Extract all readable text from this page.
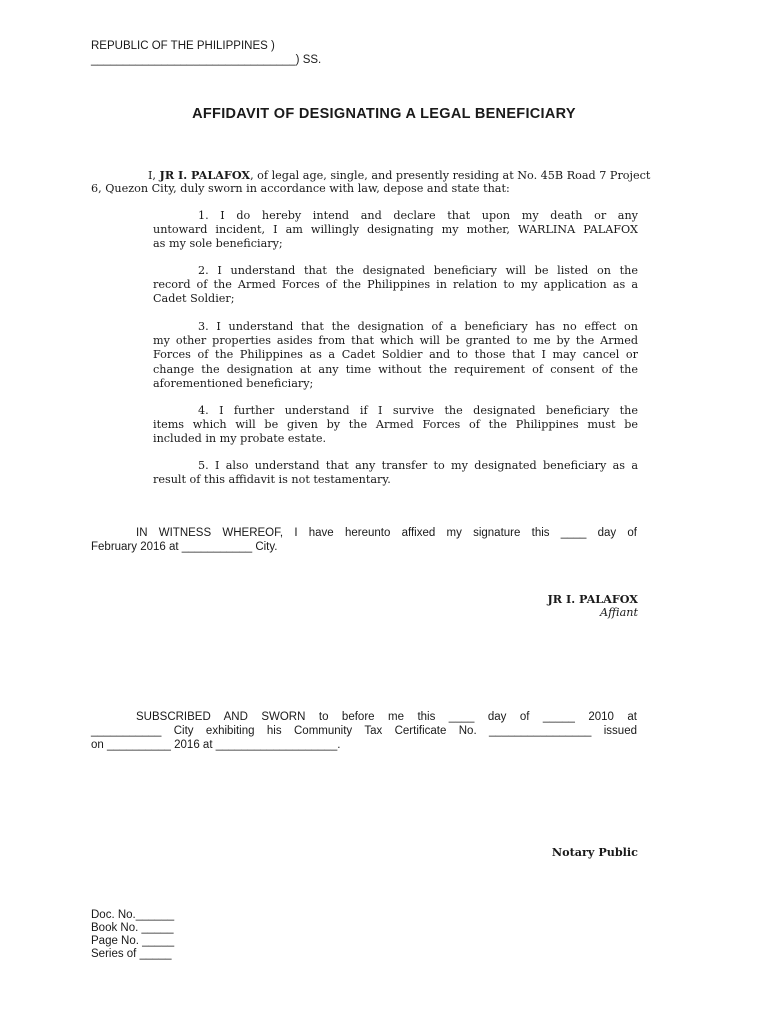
REPUBLIC OF THE PHILIPPINES )
________________________________) SS.
AFFIDAVIT OF DESIGNATING A LEGAL BENEFICIARY
I, JR I. PALAFOX, of legal age, single, and presently residing at No. 45B Road 7 Project
6, Quezon City, duly sworn in accordance with law, depose and state that:
1. I do hereby intend and declare that upon my death or any
untoward incident, I am willingly designating my mother, WARLINA PALAFOX
as my sole beneficiary;
2. I understand that the designated beneficiary will be listed on the
record of the Armed Forces of the Philippines in relation to my application as a
Cadet Soldier;
3. I understand that the designation of a beneficiary has no effect on
my other properties asides from that which will be granted to me by the Armed
Forces of the Philippines as a Cadet Soldier and to those that I may cancel or
change the designation at any time without the requirement of consent of the
aforementioned beneficiary;
4. I further understand if I survive the designated beneficiary the
items which will be given by the Armed Forces of the Philippines must be
included in my probate estate.
5. I also understand that any transfer to my designated beneficiary as a
result of this affidavit is not testamentary.
IN WITNESS WHEREOF, I have hereunto affixed my signature this ____ day of
February 2016 at ___________ City.
JR I. PALAFOX
Affiant
SUBSCRIBED AND SWORN to before me this ____ day of _____ 2010 at
___________ City exhibiting his Community Tax Certificate No. ________________ issued
on __________ 2016 at ___________________.
Notary Public
Doc. No.______
Book No. _____
Page No. _____
Series of _____
